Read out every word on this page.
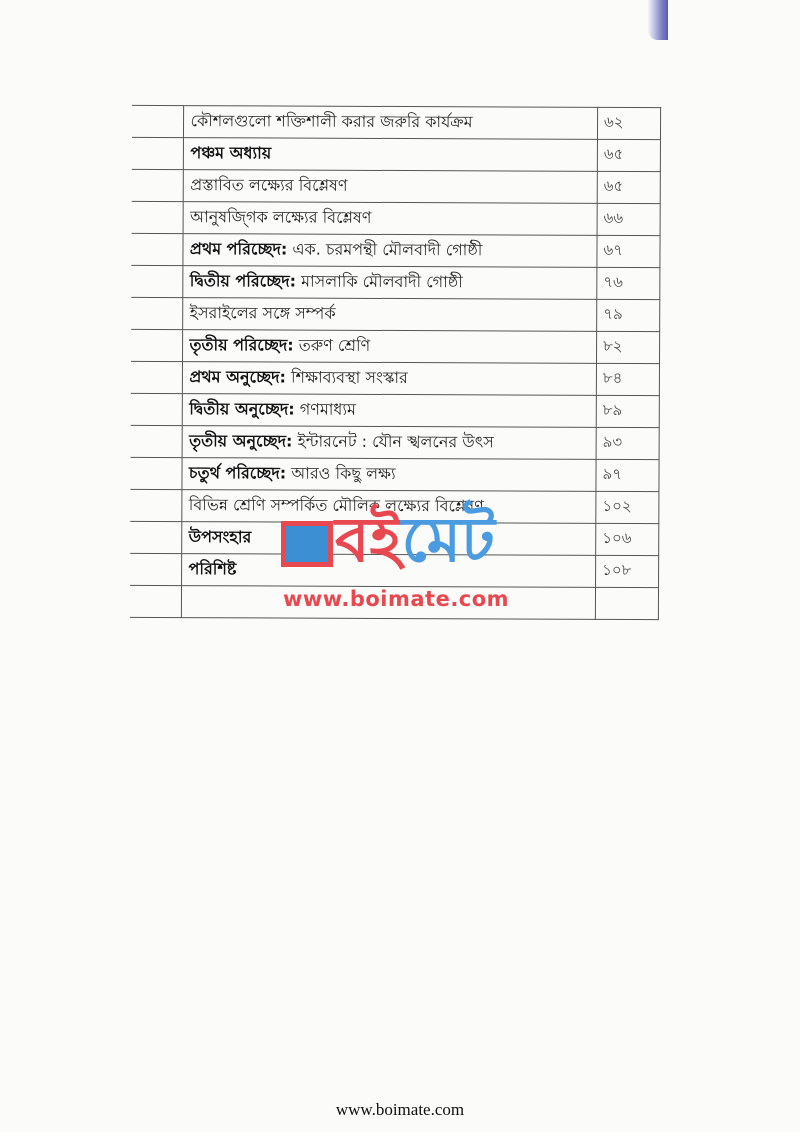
	কৌশলগুলো শক্তিশালী করার জরুরি কার্যক্রম	৬২
	পঞ্চম অধ্যায়	৬৫
	প্রস্তাবিত লক্ষ্যের বিশ্লেষণ	৬৫
	আনুষজ্গিক লক্ষ্যের বিশ্লেষণ	৬৬
	প্রথম পরিচ্ছেদ: এক. চরমপন্থী মৌলবাদী গোষ্ঠী	৬৭
	দ্বিতীয় পরিচ্ছেদ: মাসলাকি মৌলবাদী গোষ্ঠী	৭৬
	ইসরাইলের সঙ্গে সম্পর্ক	৭৯
	তৃতীয় পরিচ্ছেদ: তরুণ শ্রেণি	৮২
	প্রথম অনুচ্ছেদ: শিক্ষাব্যবস্থা সংস্কার	৮৪
	দ্বিতীয় অনুচ্ছেদ: গণমাধ্যম	৮৯
	তৃতীয় অনুচ্ছেদ: ইন্টারনেট : যৌন স্খলনের উৎস	৯৩
	চতুর্থ পরিচ্ছেদ: আরও কিছু লক্ষ্য	৯৭
	বিভিন্ন শ্রেণি সম্পর্কিত মৌলিক লক্ষ্যের বিশ্লেষণ	১০২
	উপসংহার	১০৬
	পরিশিষ্ট	১০৮

বইমেট
www.boimate.com
www.boimate.com
